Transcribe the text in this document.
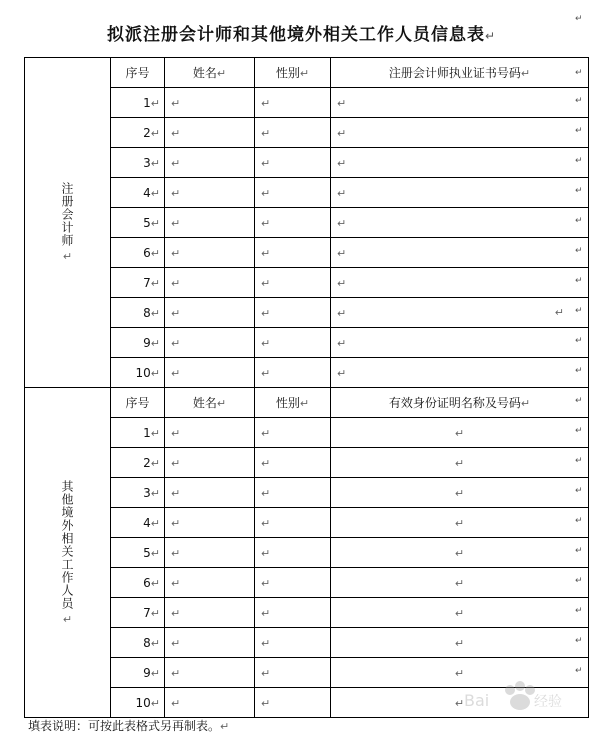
拟派注册会计师和其他境外相关工作人员信息表↵
注册会计师
↵	序号	姓名↵	性别↵	注册会计师执业证书号码↵
	1↵	↵	↵	↵

	2↵	↵	↵	↵

	3↵	↵	↵	↵

	4↵	↵	↵	↵

	5↵	↵	↵	↵

	6↵	↵	↵	↵

	7↵	↵	↵	↵

	8↵	↵	↵	↵ ↵

	9↵	↵	↵	↵

	10↵	↵	↵	↵

其他境外相关工作人员
↵	序号	姓名↵	性别↵	有效身份证明名称及号码↵
	1↵	↵	↵	↵

	2↵	↵	↵	↵

	3↵	↵	↵	↵

	4↵	↵	↵	↵

	5↵	↵	↵	↵

	6↵	↵	↵	↵

	7↵	↵	↵	↵

	8↵	↵	↵	↵

	9↵	↵	↵	↵

	10↵	↵	↵	↵
填表说明：可按此表格式另再制表。↵
↵
↵
↵
↵
↵
↵
↵
↵
↵
↵
↵
↵
↵
↵
↵
↵
↵
↵
↵
↵
↵
↵
Bai	经验
